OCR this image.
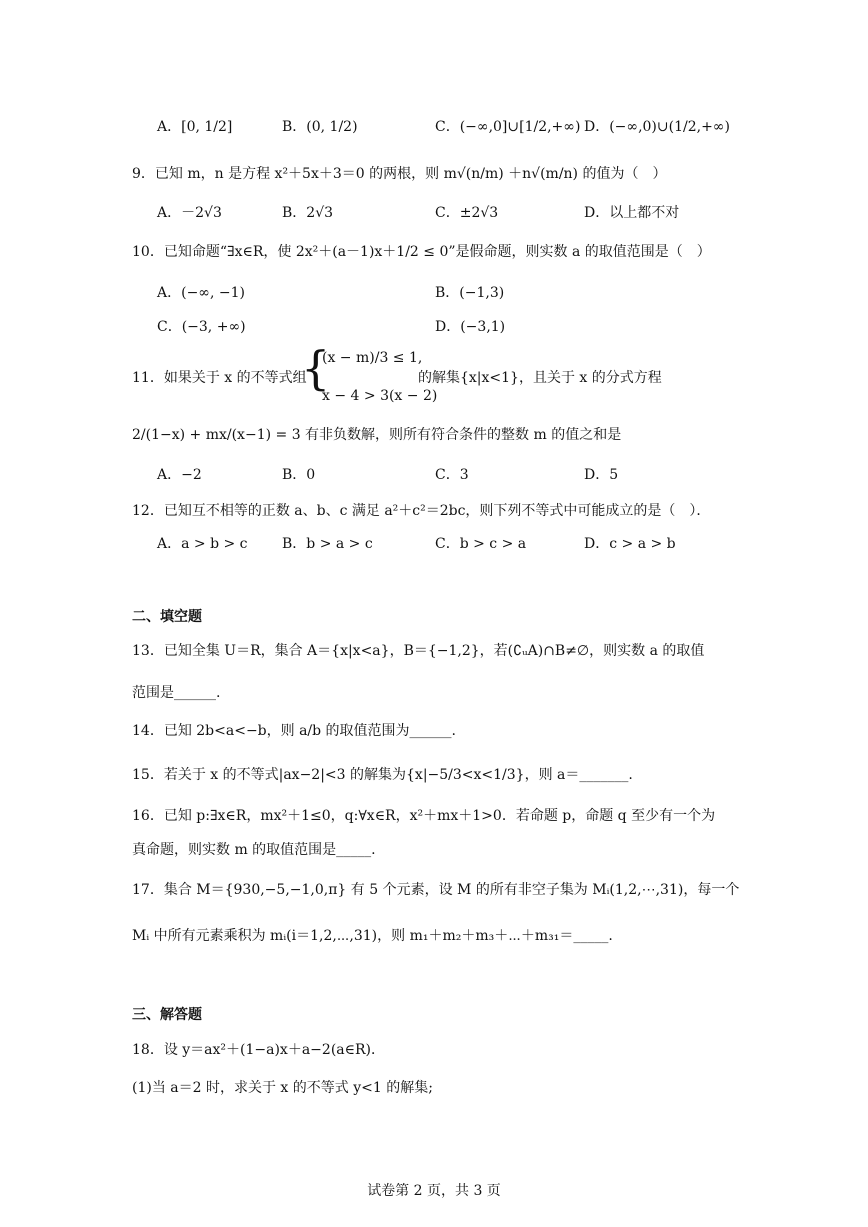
A．[0, 1/2]	B．(0, 1/2)	C．(−∞,0]∪[1/2,+∞) D．(−∞,0)∪(1/2,+∞)
9．已知 m，n 是方程 x²＋5x＋3＝0 的两根，则 m√(n/m) ＋n√(m/n) 的值为（　）
A．－2√3	B．2√3	C．±2√3	D．以上都不对
10．已知命题“∃x∈R，使 2x²＋(a－1)x＋1/2 ≤ 0”是假命题，则实数 a 的取值范围是（　）
A．(−∞, −1)	B．(−1,3)
C．(−3, +∞)	D．(−3,1)
11．如果关于 x 的不等式组
{
(x − m)/3 ≤ 1,
x − 4 > 3(x − 2)
的解集{x|x<1}，且关于 x 的分式方程
2/(1−x) + mx/(x−1) = 3 有非负数解，则所有符合条件的整数 m 的值之和是
A．−2	B．0	C．3	D．5
12．已知互不相等的正数 a、b、c 满足 a²＋c²＝2bc，则下列不等式中可能成立的是（　）．
A．a > b > c B．b > a > c	C．b > c > a	D．c > a > b
二、填空题
13．已知全集 U＝R，集合 A＝{x|x<a}，B＝{−1,2}，若(∁ᵤA)∩B≠∅，则实数 a 的取值
范围是______.
14．已知 2b<a<−b，则 a/b 的取值范围为______.
15．若关于 x 的不等式|ax−2|<3 的解集为{x|−5/3<x<1/3}，则 a＝_______.
16．已知 p:∃x∈R，mx²＋1≤0，q:∀x∈R，x²＋mx＋1>0．若命题 p，命题 q 至少有一个为
真命题，则实数 m 的取值范围是_____.
17．集合 M＝{930,−5,−1,0,π} 有 5 个元素，设 M 的所有非空子集为 Mᵢ(1,2,⋯,31)，每一个
Mᵢ 中所有元素乘积为 mᵢ(i＝1,2,⋯,31)，则 m₁＋m₂＋m₃＋⋯＋m₃₁＝_____.
三、解答题
18．设 y＝ax²＋(1−a)x＋a−2(a∈R)．
(1)当 a＝2 时，求关于 x 的不等式 y<1 的解集;
试卷第 2 页，共 3 页
